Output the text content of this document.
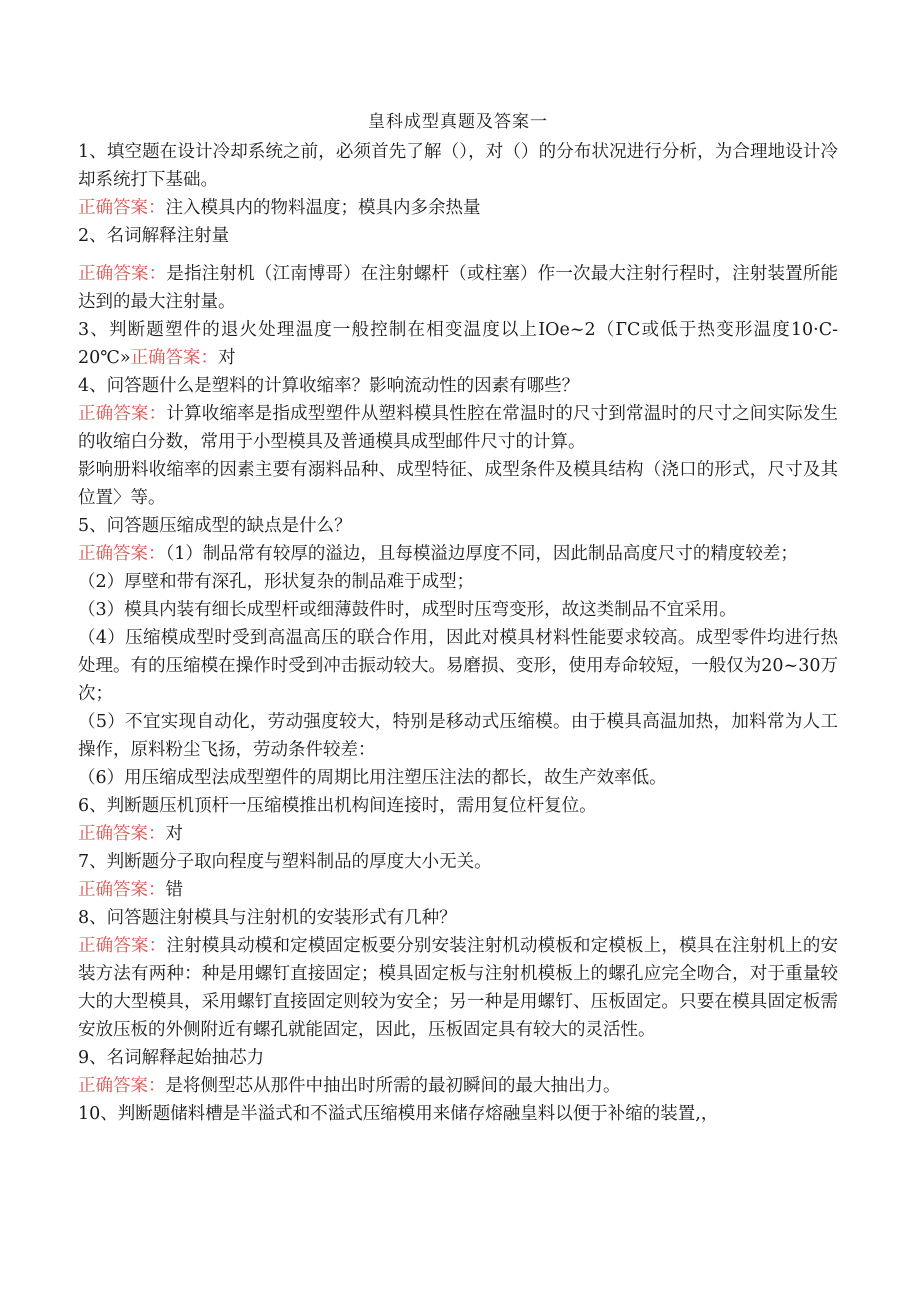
皇科成型真题及答案一

1、填空题在设计冷却系统之前，必须首先了解（），对（）的分布状况进行分析，为合理地设计冷却系统打下基础。

正确答案：注入模具内的物料温度；模具内多余热量

2、名词解释注射量

正确答案：是指注射机（江南博哥）在注射螺杆（或柱塞）作一次最大注射行程时，注射装置所能达到的最大注射量。

3、判断题塑件的退火处理温度一般控制在相变温度以上IOe~2（ГC或低于热变形温度10·C-20℃»正确答案：对

4、问答题什么是塑料的计算收缩率？影响流动性的因素有哪些？

正确答案：计算收缩率是指成型塑件从塑料模具性腔在常温时的尺寸到常温时的尺寸之间实际发生的收缩白分数，常用于小型模具及普通模具成型邮件尺寸的计算。

影响册料收缩率的因素主要有溺料品种、成型特征、成型条件及模具结构（浇口的形式，尺寸及其位置〉等。

5、问答题压缩成型的缺点是什么？

正确答案：（1）制品常有较厚的溢边，且每模溢边厚度不同，因此制品高度尺寸的精度较差；

（2）厚壁和带有深孔，形状复杂的制品难于成型；

（3）模具内装有细长成型杆或细薄鼓件时，成型时压弯变形，故这类制品不宜采用。

（4）压缩模成型时受到高温高压的联合作用，因此对模具材料性能要求较高。成型零件均进行热处理。有的压缩模在操作时受到冲击振动较大。易磨损、变形，使用寿命较短，一般仅为20~30万次；

（5）不宜实现自动化，劳动强度较大，特别是移动式压缩模。由于模具高温加热，加料常为人工操作，原料粉尘飞扬，劳动条件较差：

（6）用压缩成型法成型塑件的周期比用注塑压注法的都长，故生产效率低。

6、判断题压机顶杆一压缩模推出机构间连接时，需用复位杆复位。

正确答案：对

7、判断题分子取向程度与塑料制品的厚度大小无关。

正确答案：错

8、问答题注射模具与注射机的安装形式有几种？

正确答案：注射模具动模和定模固定板要分别安装注射机动模板和定模板上，模具在注射机上的安装方法有两种：种是用螺钉直接固定；模具固定板与注射机模板上的螺孔应完全吻合，对于重量较大的大型模具，采用螺钉直接固定则较为安全；另一种是用螺钉、压板固定。只要在模具固定板需安放压板的外侧附近有螺孔就能固定，因此，压板固定具有较大的灵活性。

9、名词解释起始抽芯力

正确答案：是将侧型芯从那件中抽出时所需的最初瞬间的最大抽出力。

10、判断题储料槽是半溢式和不溢式压缩模用来储存熔融皇料以便于补缩的装置,，
